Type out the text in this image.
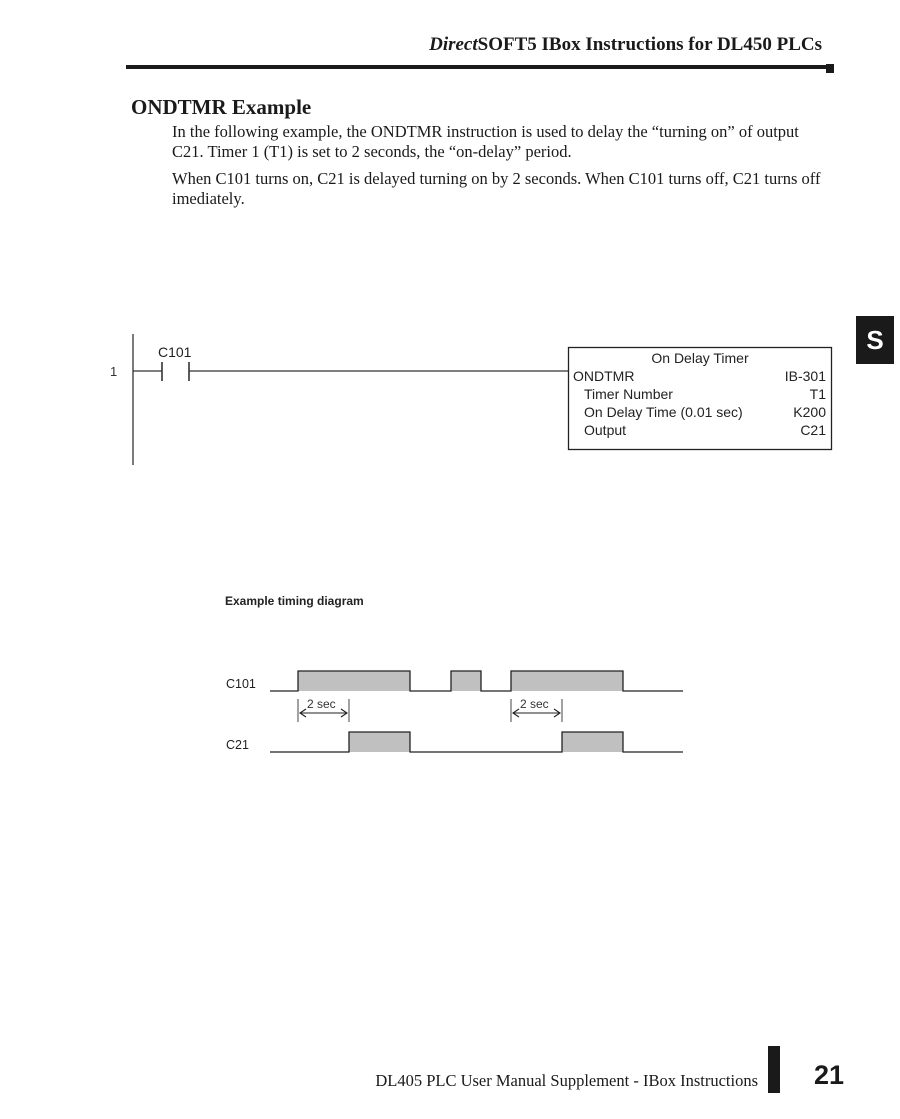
DirectSOFT5 IBox Instructions for DL450 PLCs
ONDTMR Example

In the following example, the ONDTMR instruction is used to delay the “turning on” of output C21. Timer 1 (T1) is set to 2 seconds, the “on-delay” period.

When C101 turns on, C21 is delayed turning on by 2 seconds. When C101 turns off, C21 turns off imediately.

S
1
C101	On Delay Timer
ONDTMR	IB-301
Timer Number	T1
On Delay Time (0.01 sec)	K200
Output	C21
Example timing diagram
C101
C21
2 sec	2 sec
DL405 PLC User Manual Supplement - IBox Instructions 21
